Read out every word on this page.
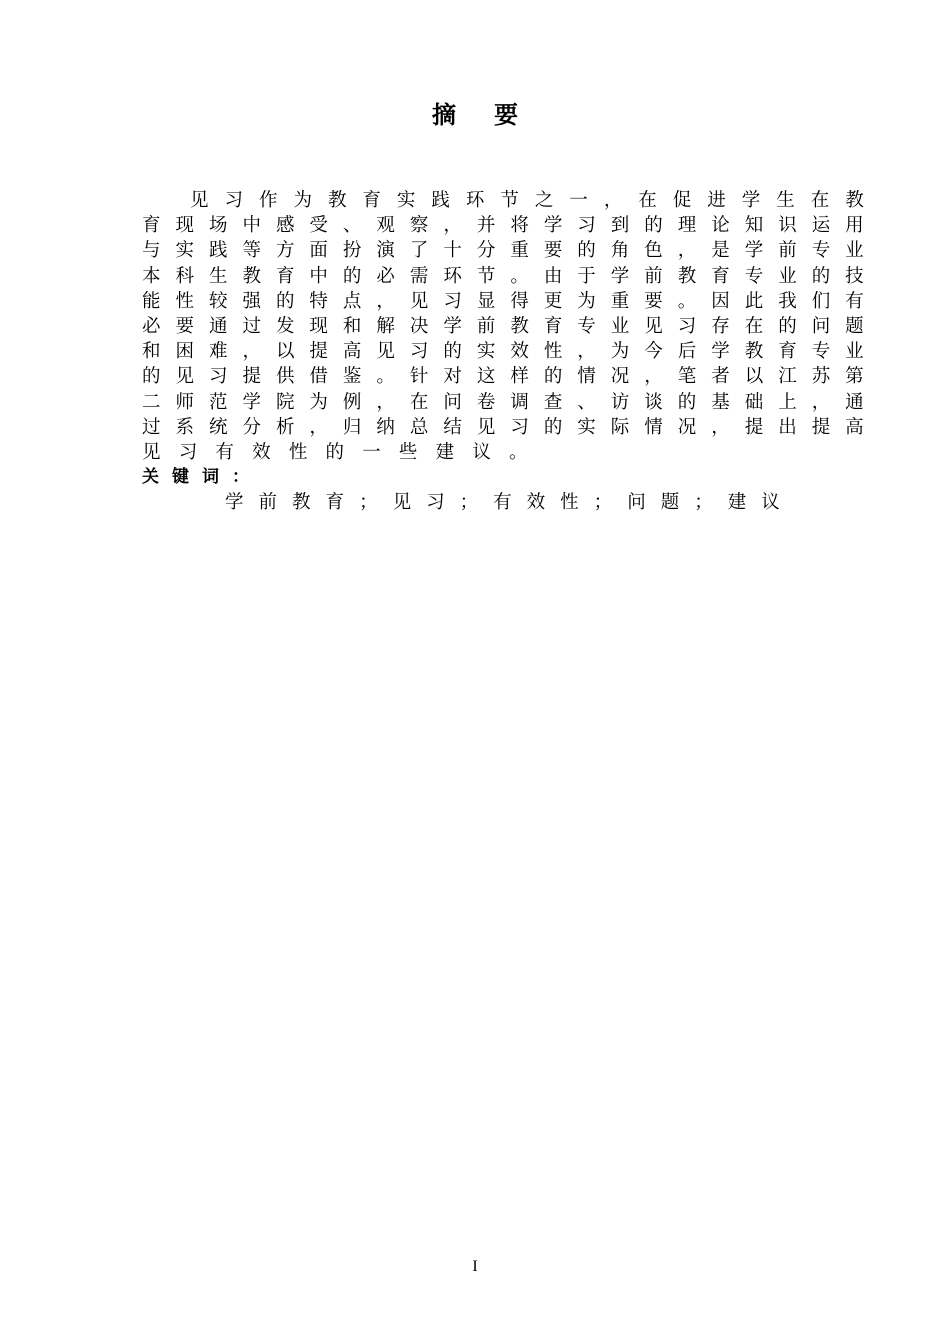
摘要
见 习 作 为 教 育 实 践 环 节 之 一 ， 在 促 进 学 生 在 教
育 现 场 中 感 受 、 观 察 ， 并 将 学 习 到 的 理 论 知 识 运 用
与 实 践 等 方 面 扮 演 了 十 分 重 要 的 角 色 ， 是 学 前 专 业
本 科 生 教 育 中 的 必 需 环 节 。 由 于 学 前 教 育 专 业 的 技
能 性 较 强 的 特 点 ， 见 习 显 得 更 为 重 要 。 因 此 我 们 有
必 要 通 过 发 现 和 解 决 学 前 教 育 专 业 见 习 存 在 的 问 题
和 困 难 ， 以 提 高 见 习 的 实 效 性 ， 为 今 后 学 教 育 专 业
的 见 习 提 供 借 鉴 。 针 对 这 样 的 情 况 ， 笔 者 以 江 苏 第
二 师 范 学 院 为 例 ， 在 问 卷 调 查 、 访 谈 的 基 础 上 ， 通
过 系 统 分 析 ， 归 纳 总 结 见 习 的 实 际 情 况 ， 提 出 提 高
见 习 有 效 性 的 一 些 建 议 。
关键词：
学 前 教 育 ； 见 习 ； 有 效 性 ； 问 题 ； 建 议
I
